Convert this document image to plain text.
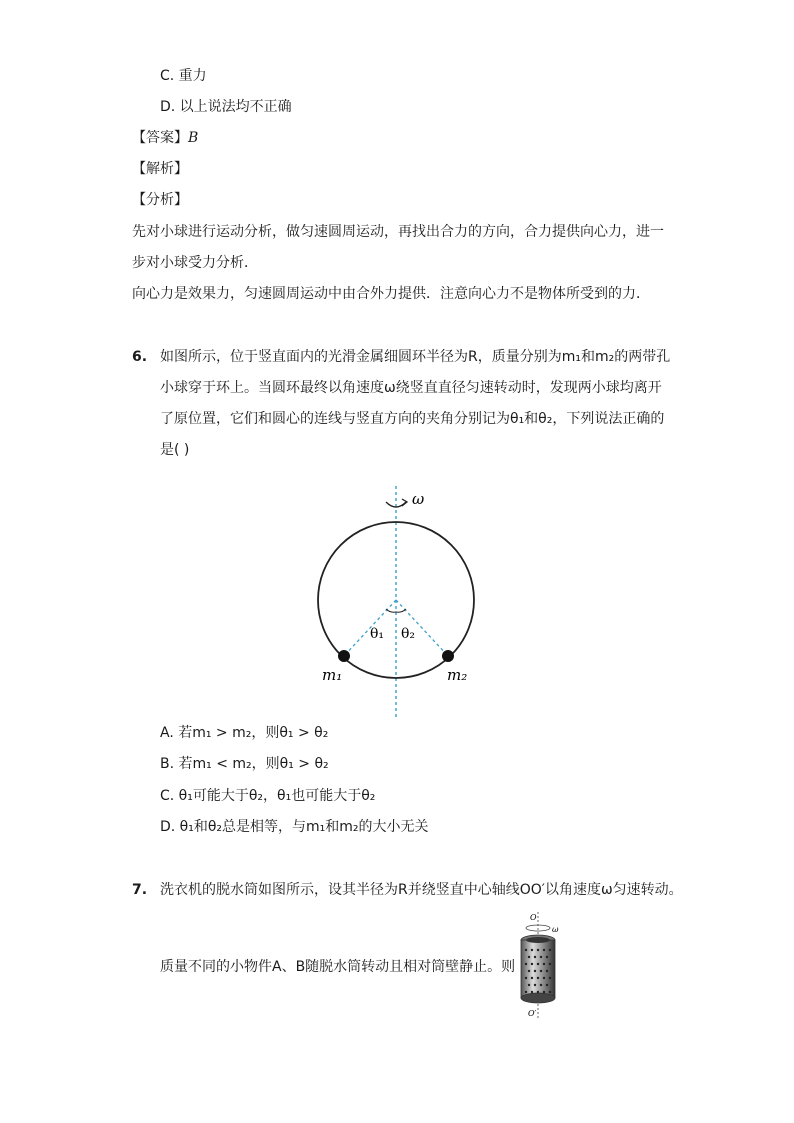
C. 重力
D. 以上说法均不正确
【答案】B
【解析】
【分析】
先对小球进行运动分析，做匀速圆周运动，再找出合力的方向，合力提供向心力，进一
步对小球受力分析．
向心力是效果力，匀速圆周运动中由合外力提供．注意向心力不是物体所受到的力．
6. 如图所示，位于竖直面内的光滑金属细圆环半径为R，质量分别为m₁和m₂的两带孔
小球穿于环上。当圆环最终以角速度ω绕竖直直径匀速转动时，发现两小球均离开
了原位置，它们和圆心的连线与竖直方向的夹角分别记为θ₁和θ₂，下列说法正确的
是( )
ω
θ₁ θ₂
m₁	m₂
A. 若m₁ > m₂，则θ₁ > θ₂
B. 若m₁ < m₂，则θ₁ > θ₂
C. θ₁可能大于θ₂，θ₁也可能大于θ₂
D. θ₁和θ₂总是相等，与m₁和m₂的大小无关
7. 洗衣机的脱水筒如图所示，设其半径为R并绕竖直中心轴线OO′以角速度ω匀速转动。
质量不同的小物件A、B随脱水筒转动且相对筒壁静止。则
O
ω
O′
